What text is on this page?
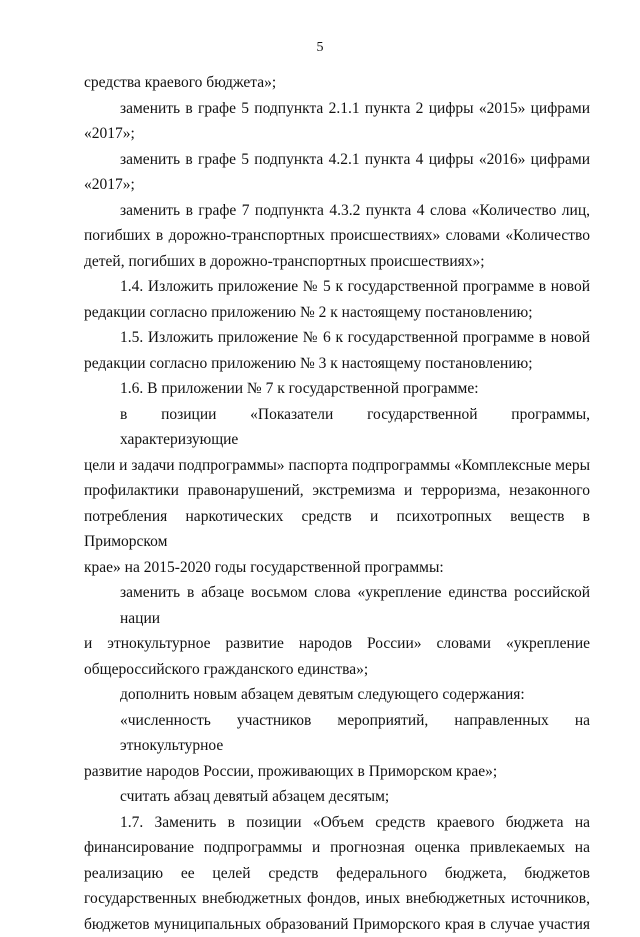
5
средства краевого бюджета»;
заменить в графе 5 подпункта 2.1.1 пункта 2 цифры «2015» цифрами
«2017»;
заменить в графе 5 подпункта 4.2.1 пункта 4 цифры «2016» цифрами
«2017»;
заменить в графе 7 подпункта 4.3.2 пункта 4 слова «Количество лиц,
погибших в дорожно-транспортных происшествиях» словами «Количество
детей, погибших в дорожно-транспортных происшествиях»;
1.4. Изложить приложение № 5 к государственной программе в новой
редакции согласно приложению № 2 к настоящему постановлению;
1.5. Изложить приложение № 6 к государственной программе в новой
редакции согласно приложению № 3 к настоящему постановлению;
1.6. В приложении № 7 к государственной программе:
в позиции «Показатели государственной программы, характеризующие
цели и задачи подпрограммы» паспорта подпрограммы «Комплексные меры
профилактики правонарушений, экстремизма и терроризма, незаконного
потребления наркотических средств и психотропных веществ в Приморском
крае» на 2015-2020 годы государственной программы:
заменить в абзаце восьмом слова «укрепление единства российской нации
и этнокультурное развитие народов России» словами «укрепление
общероссийского гражданского единства»;
дополнить новым абзацем девятым следующего содержания:
«численность участников мероприятий, направленных на этнокультурное
развитие народов России, проживающих в Приморском крае»;
считать абзац девятый абзацем десятым;
1.7. Заменить в позиции «Объем средств краевого бюджета на
финансирование подпрограммы и прогнозная оценка привлекаемых на
реализацию ее целей средств федерального бюджета, бюджетов
государственных внебюджетных фондов, иных внебюджетных источников,
бюджетов муниципальных образований Приморского края в случае участия
